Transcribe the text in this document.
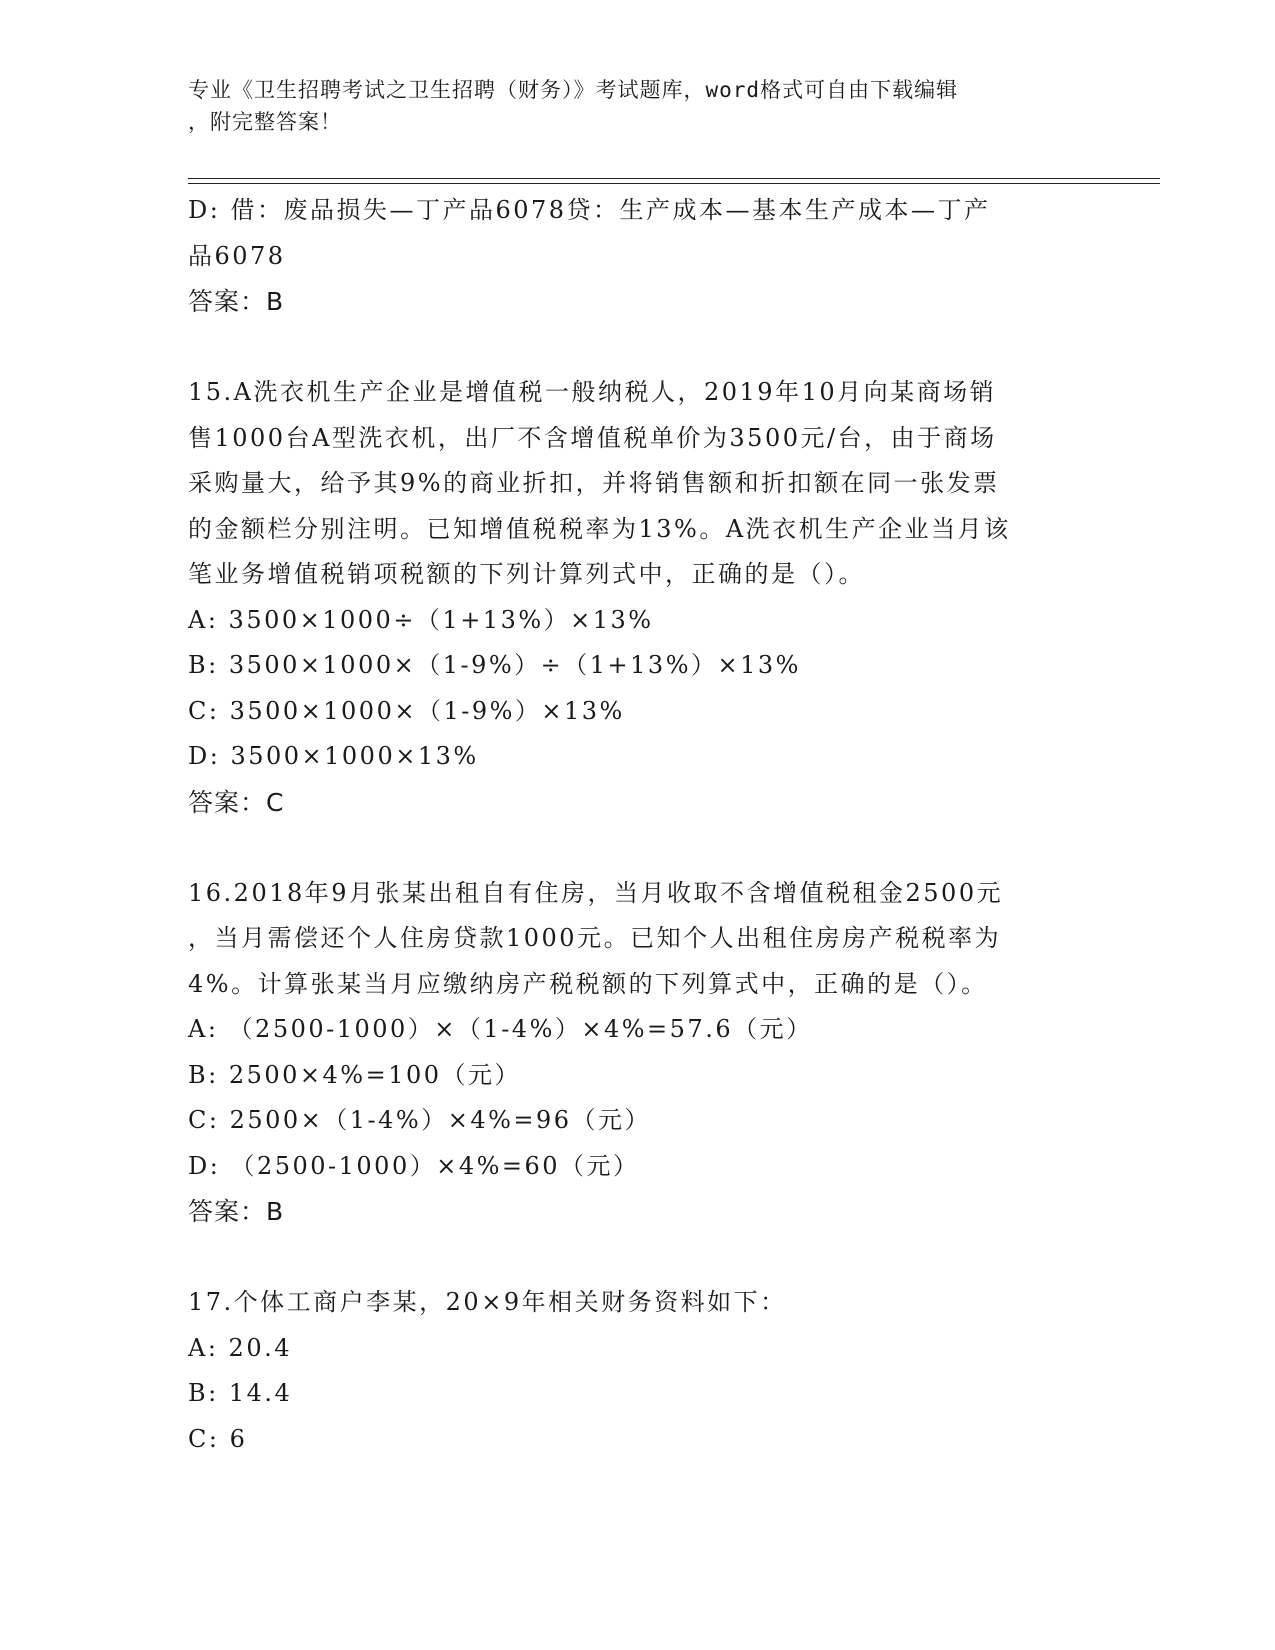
专业《卫生招聘考试之卫生招聘（财务）》考试题库，word格式可自由下载编辑
，附完整答案！
D: 借：废品损失—丁产品6078贷：生产成本—基本生产成本—丁产
品6078
答案：B
15.A洗衣机生产企业是增值税一般纳税人，2019年10月向某商场销
售1000台A型洗衣机，出厂不含增值税单价为3500元/台，由于商场
采购量大，给予其9%的商业折扣，并将销售额和折扣额在同一张发票
的金额栏分别注明。已知增值税税率为13%。A洗衣机生产企业当月该
笔业务增值税销项税额的下列计算列式中，正确的是（）。
A: 3500×1000÷（1+13%）×13%
B: 3500×1000×（1-9%）÷（1+13%）×13%
C: 3500×1000×（1-9%）×13%
D: 3500×1000×13%
答案：C
16.2018年9月张某出租自有住房，当月收取不含增值税租金2500元
，当月需偿还个人住房贷款1000元。已知个人出租住房房产税税率为
4%。计算张某当月应缴纳房产税税额的下列算式中，正确的是（）。
A: （2500-1000）×（1-4%）×4%=57.6（元）
B: 2500×4%=100（元）
C: 2500×（1-4%）×4%=96（元）
D: （2500-1000）×4%=60（元）
答案：B
17.个体工商户李某，20×9年相关财务资料如下：
A: 20.4
B: 14.4
C: 6
